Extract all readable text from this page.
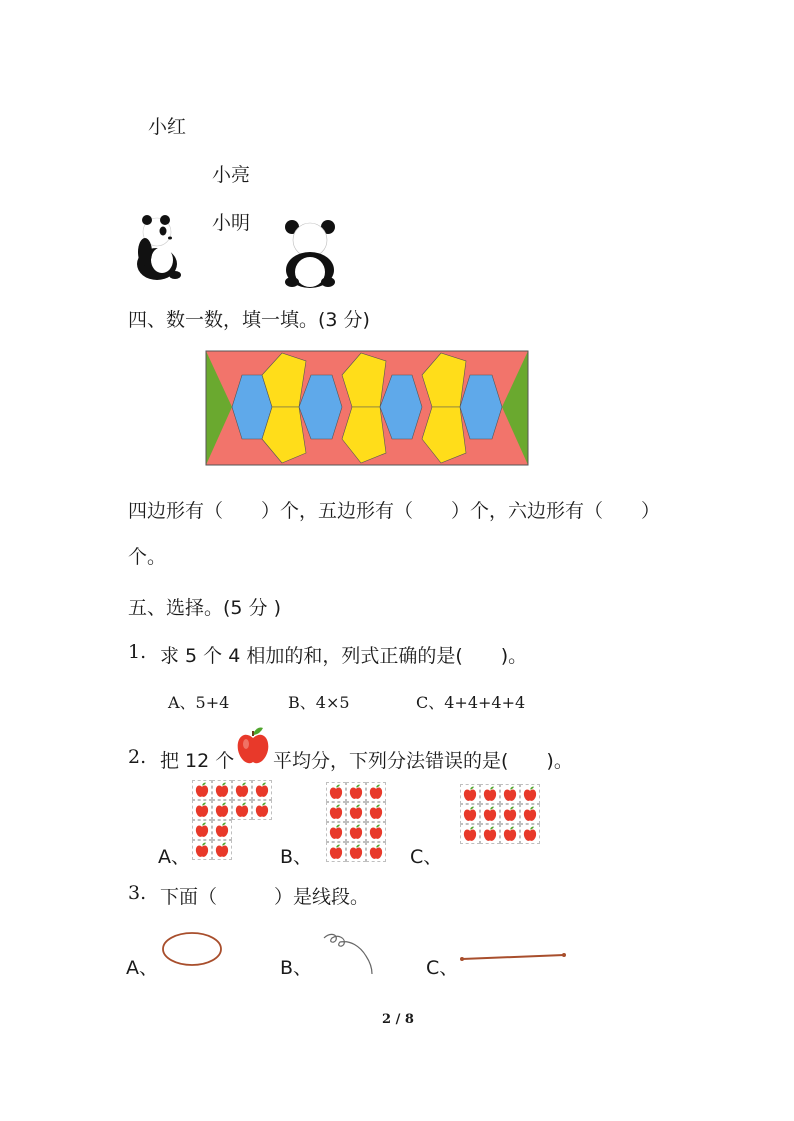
小红
小亮
小明
四、数一数，填一填。(3 分)
四边形有（　　）个，五边形有（　　）个，六边形有（　　）
个。
五、选择。(5 分 )
1. 求 5 个 4 相加的和，列式正确的是(　　)。
A、5+4	B、4×5	C、4+4+4+4
2. 把 12 个 平均分，下列分法错误的是(　　)。
A、	B、	C、
3. 下面（　　　）是线段。
A、	B、	C、
2 / 8
